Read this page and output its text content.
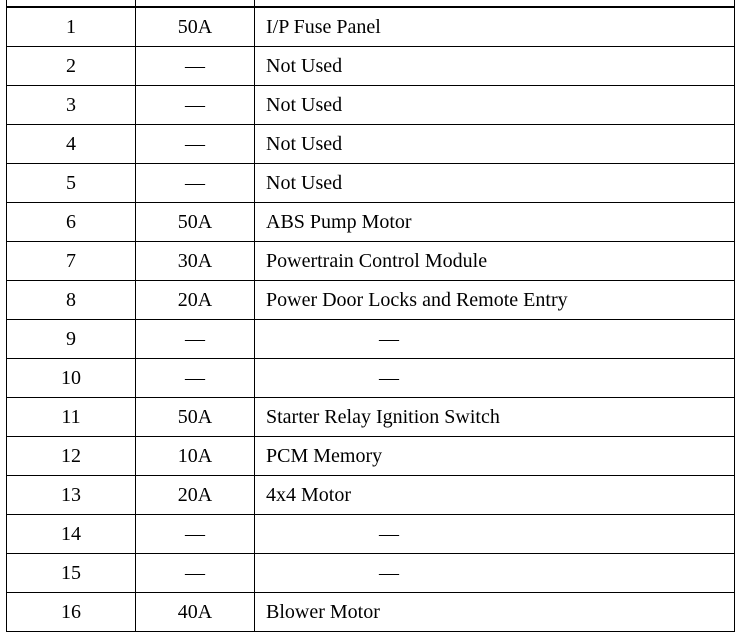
1	50A	I/P Fuse Panel
2	—	Not Used
3	—	Not Used
4	—	Not Used
5	—	Not Used
6	50A	ABS Pump Motor
7	30A	Powertrain Control Module
8	20A	Power Door Locks and Remote Entry
9	—	—
10	—	—
11	50A	Starter Relay Ignition Switch
12	10A	PCM Memory
13	20A	4x4 Motor
14	—	—
15	—	—
16	40A	Blower Motor
